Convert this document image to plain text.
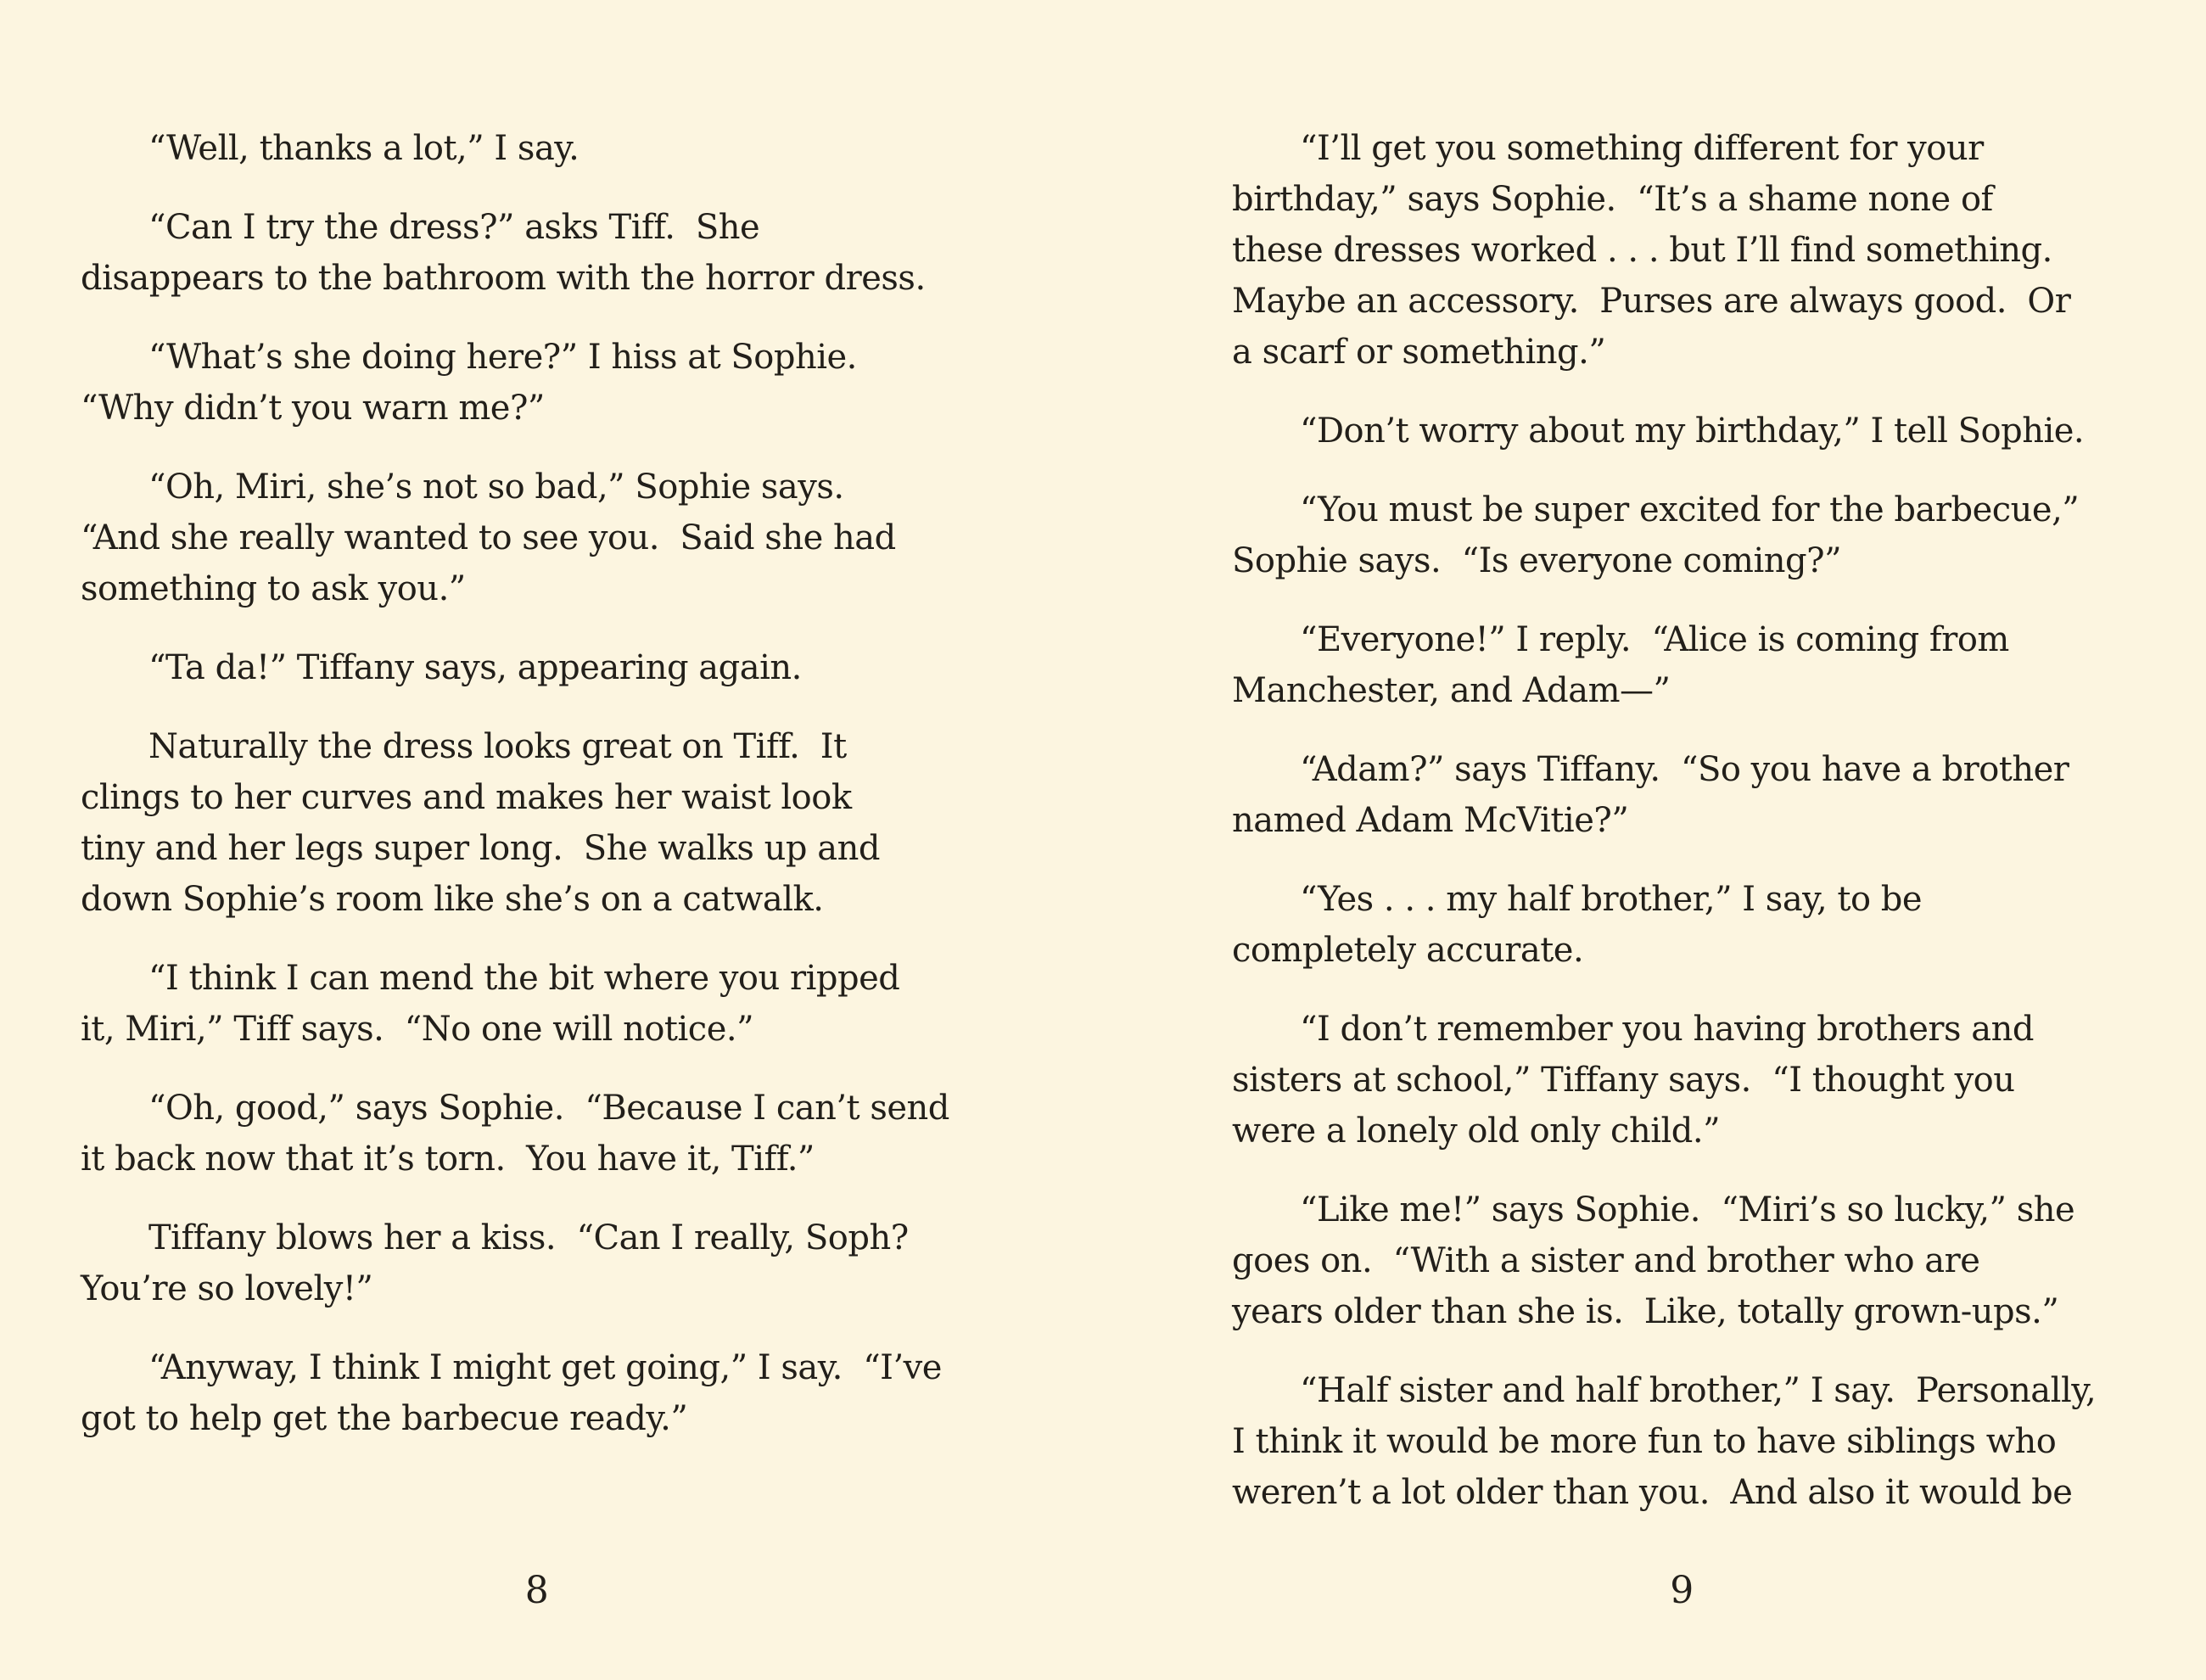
“Well, thanks a lot,” I say.

“Can I try the dress?” asks Tiff.  She
disappears to the bathroom with the horror dress.

“What’s she doing here?” I hiss at Sophie.
“Why didn’t you warn me?”

“Oh, Miri, she’s not so bad,” Sophie says.
“And she really wanted to see you.  Said she had
something to ask you.”

“Ta da!” Tiffany says, appearing again.

Naturally the dress looks great on Tiff.  It
clings to her curves and makes her waist look
tiny and her legs super long.  She walks up and
down Sophie’s room like she’s on a catwalk.

“I think I can mend the bit where you ripped
it, Miri,” Tiff says.  “No one will notice.”

“Oh, good,” says Sophie.  “Because I can’t send
it back now that it’s torn.  You have it, Tiff.”

Tiffany blows her a kiss.  “Can I really, Soph?
You’re so lovely!”

“Anyway, I think I might get going,” I say.  “I’ve
got to help get the barbecue ready.”

8

“I’ll get you something different for your
birthday,” says Sophie.  “It’s a shame none of
these dresses worked . . . but I’ll find something.
Maybe an accessory.  Purses are always good.  Or
a scarf or something.”

“Don’t worry about my birthday,” I tell Sophie.

“You must be super excited for the barbecue,”
Sophie says.  “Is everyone coming?”

“Everyone!” I reply.  “Alice is coming from
Manchester, and Adam—”

“Adam?” says Tiffany.  “So you have a brother
named Adam McVitie?”

“Yes . . . my half brother,” I say, to be
completely accurate.

“I don’t remember you having brothers and
sisters at school,” Tiffany says.  “I thought you
were a lonely old only child.”

“Like me!” says Sophie.  “Miri’s so lucky,” she
goes on.  “With a sister and brother who are
years older than she is.  Like, totally grown-ups.”

“Half sister and half brother,” I say.  Personally,
I think it would be more fun to have siblings who
weren’t a lot older than you.  And also it would be

9
